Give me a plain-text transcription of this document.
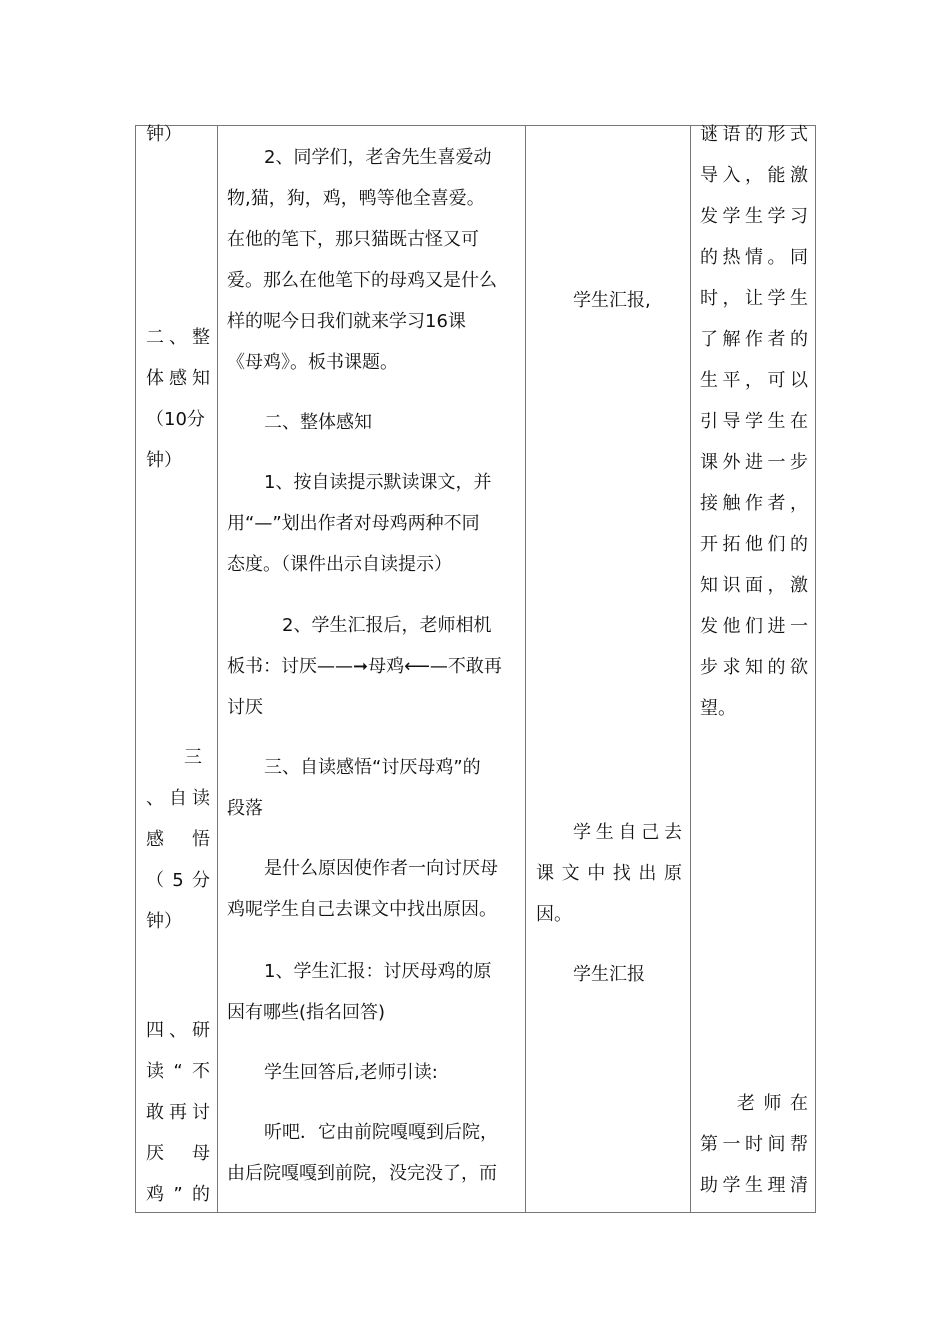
钟）
二 、 整
体 感 知
（10分
钟）
三
、 自 读
感 悟
（ 5 分
钟）
四 、 研
读 “ 不
敢 再 讨
厌 母
鸡 ” 的
2、同学们，老舍先生喜爱动
物,猫，狗，鸡，鸭等他全喜爱。
在他的笔下，那只猫既古怪又可
爱。那么在他笔下的母鸡又是什么
样的呢今日我们就来学习16课
《母鸡》。板书课题。
二、整体感知
1、按自读提示默读课文，并
用“—”划出作者对母鸡两种不同
态度。（课件出示自读提示）
2、学生汇报后，老师相机
板书：讨厌——➞母鸡⟵—不敢再
讨厌
三、自读感悟“讨厌母鸡”的
段落
是什么原因使作者一向讨厌母
鸡呢学生自己去课文中找出原因。
1、学生汇报：讨厌母鸡的原
因有哪些(指名回答)
学生回答后,老师引读:
听吧．它由前院嘎嘎到后院，
由后院嘎嘎到前院，没完没了，而
学生汇报,
学 生 自 己 去
课 文 中 找 出 原
因。
学生汇报
谜 语 的 形 式
导 入 ， 能 激
发 学 生 学 习
的 热 情 。 同
时 ， 让 学 生
了 解 作 者 的
生 平 ， 可 以
引 导 学 生 在
课 外 进 一 步
接 触 作 者 ，
开 拓 他 们 的
知 识 面 ， 激
发 他 们 进 一
步 求 知 的 欲
望。
老 师 在
第 一 时 间 帮
助 学 生 理 清
